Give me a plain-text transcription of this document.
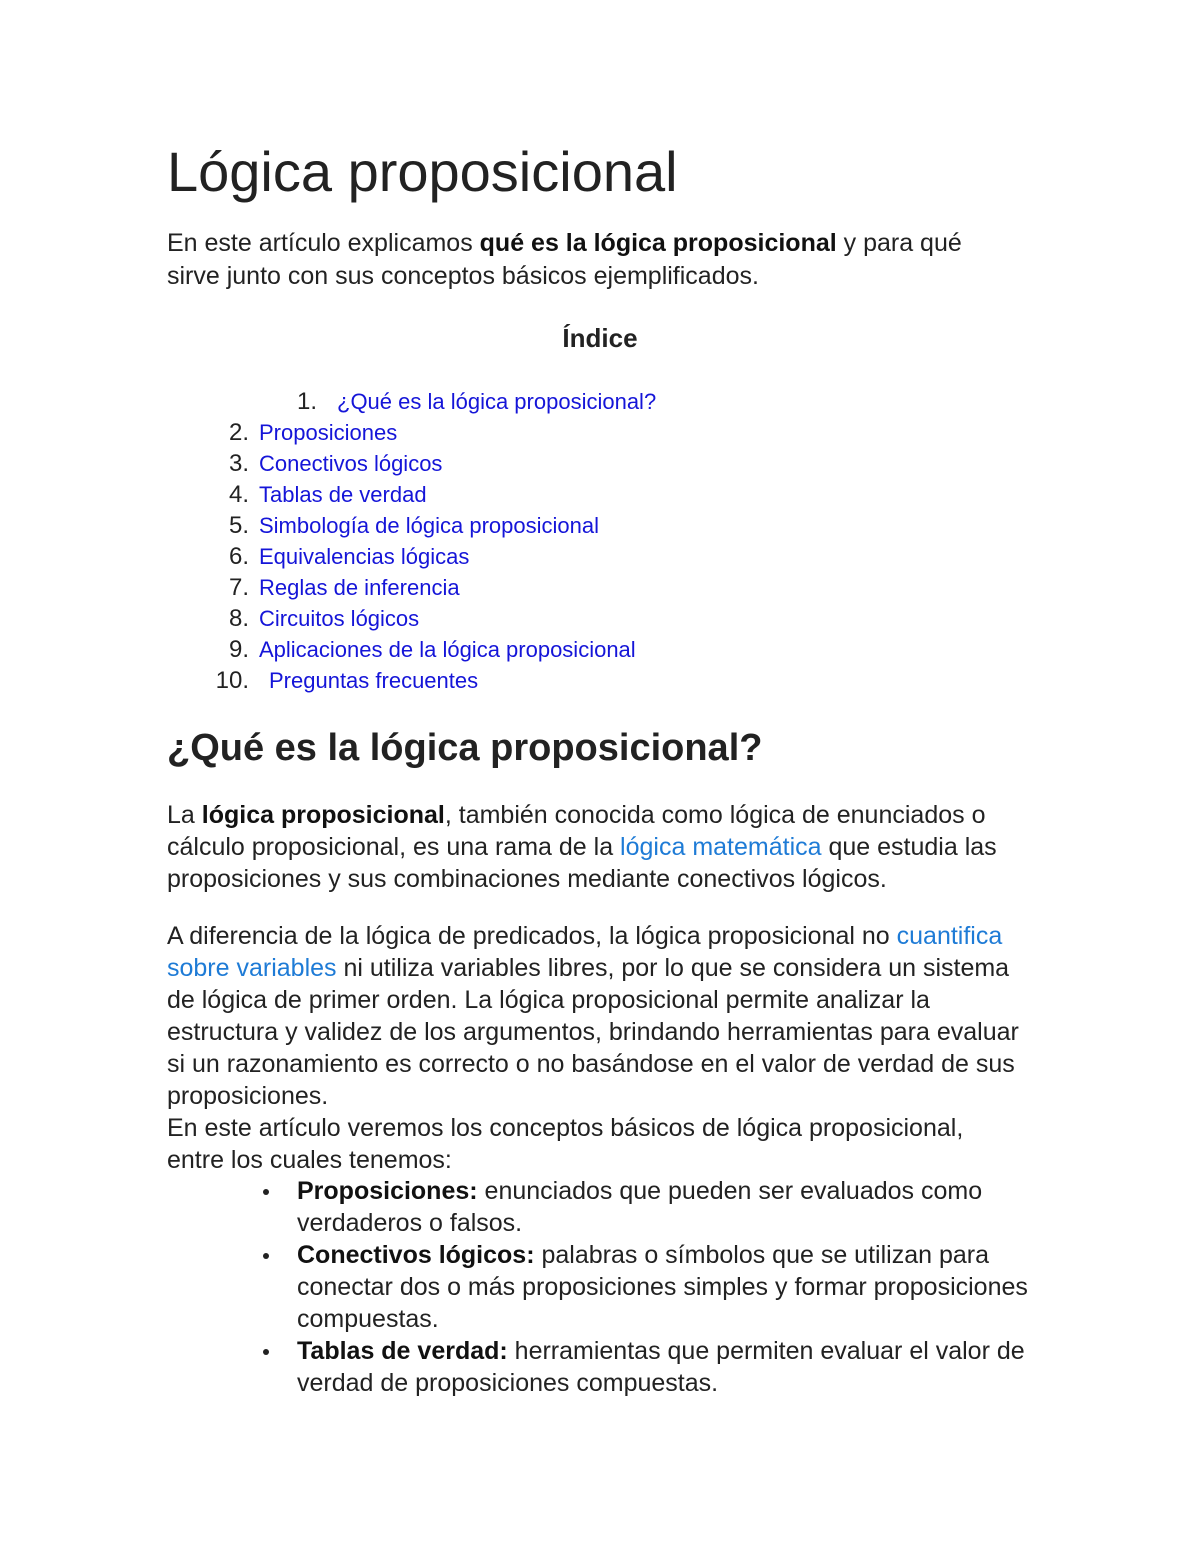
Lógica proposicional

En este artículo explicamos qué es la lógica proposicional y para qué sirve junto con sus conceptos básicos ejemplificados.

Índice
1. ¿Qué es la lógica proposicional?
2. Proposiciones
3. Conectivos lógicos
4. Tablas de verdad
5. Simbología de lógica proposicional
6. Equivalencias lógicas
7. Reglas de inferencia
8. Circuitos lógicos
9. Aplicaciones de la lógica proposicional
10. Preguntas frecuentes
¿Qué es la lógica proposicional?

La lógica proposicional, también conocida como lógica de enunciados o cálculo proposicional, es una rama de la lógica matemática que estudia las proposiciones y sus combinaciones mediante conectivos lógicos.

A diferencia de la lógica de predicados, la lógica proposicional no cuantifica sobre variables ni utiliza variables libres, por lo que se considera un sistema de lógica de primer orden. La lógica proposicional permite analizar la estructura y validez de los argumentos, brindando herramientas para evaluar si un razonamiento es correcto o no basándose en el valor de verdad de sus proposiciones.

En este artículo veremos los conceptos básicos de lógica proposicional, entre los cuales tenemos:

Proposiciones: enunciados que pueden ser evaluados como verdaderos o falsos.
Conectivos lógicos: palabras o símbolos que se utilizan para conectar dos o más proposiciones simples y formar proposiciones compuestas.
Tablas de verdad: herramientas que permiten evaluar el valor de verdad de proposiciones compuestas.
